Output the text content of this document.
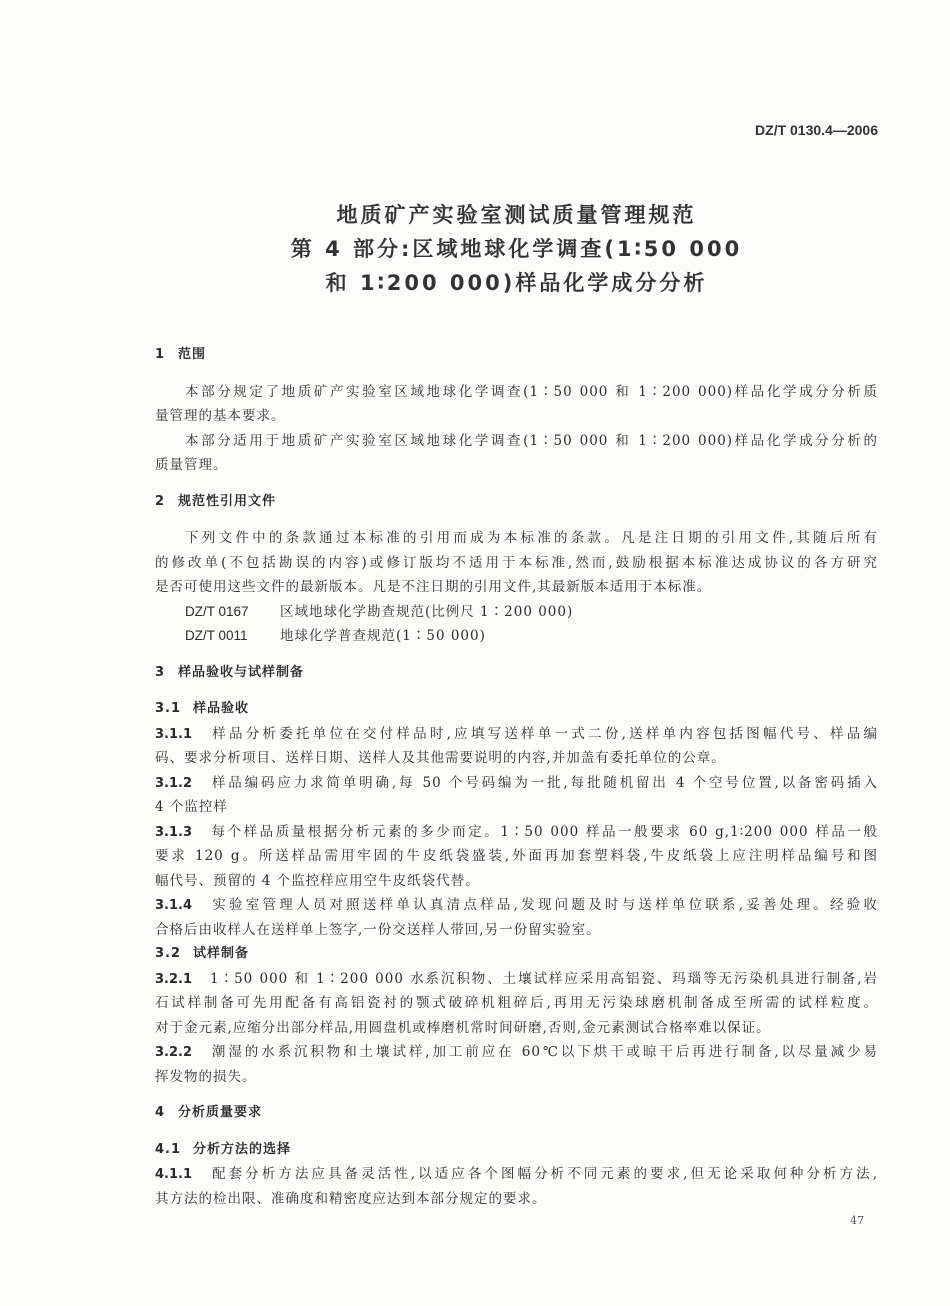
DZ/T 0130.4—2006
地质矿产实验室测试质量管理规范
第 4 部分:区域地球化学调查(1∶50 000
和 1∶200 000)样品化学成分分析
1 范围
本部分规定了地质矿产实验室区域地球化学调查(1∶50 000 和 1∶200 000)样品化学成分分析质
量管理的基本要求。
本部分适用于地质矿产实验室区域地球化学调查(1∶50 000 和 1∶200 000)样品化学成分分析的
质量管理。
2 规范性引用文件
下列文件中的条款通过本标准的引用而成为本标准的条款。凡是注日期的引用文件,其随后所有
的修改单(不包括勘误的内容)或修订版均不适用于本标准,然而,鼓励根据本标准达成协议的各方研究
是否可使用这些文件的最新版本。凡是不注日期的引用文件,其最新版本适用于本标准。
DZ/T 0167 区域地球化学勘查规范(比例尺 1∶200 000)
DZ/T 0011 地球化学普查规范(1∶50 000)
3 样品验收与试样制备
3.1 样品验收
3.1.1 样品分析委托单位在交付样品时,应填写送样单一式二份,送样单内容包括图幅代号、样品编
码、要求分析项目、送样日期、送样人及其他需要说明的内容,并加盖有委托单位的公章。
3.1.2 样品编码应力求简单明确,每 50 个号码编为一批,每批随机留出 4 个空号位置,以备密码插入
4 个监控样
3.1.3 每个样品质量根据分析元素的多少而定。1∶50 000 样品一般要求 60 g,1∶200 000 样品一般
要求 120 g。所送样品需用牢固的牛皮纸袋盛装,外面再加套塑料袋,牛皮纸袋上应注明样品编号和图
幅代号、预留的 4 个监控样应用空牛皮纸袋代替。
3.1.4 实验室管理人员对照送样单认真清点样品,发现问题及时与送样单位联系,妥善处理。经验收
合格后由收样人在送样单上签字,一份交送样人带回,另一份留实验室。
3.2 试样制备
3.2.1 1∶50 000 和 1∶200 000 水系沉积物、土壤试样应采用高铝瓷、玛瑙等无污染机具进行制备,岩
石试样制备可先用配备有高铝瓷衬的颚式破碎机粗碎后,再用无污染球磨机制备成至所需的试样粒度。
对于金元素,应缩分出部分样品,用圆盘机或棒磨机常时间研磨,否则,金元素测试合格率难以保证。
3.2.2 潮湿的水系沉积物和土壤试样,加工前应在 60℃以下烘干或晾干后再进行制备,以尽量减少易
挥发物的损失。
4 分析质量要求
4.1 分析方法的选择
4.1.1 配套分析方法应具备灵活性,以适应各个图幅分析不同元素的要求,但无论采取何种分析方法,
其方法的检出限、准确度和精密度应达到本部分规定的要求。
47
